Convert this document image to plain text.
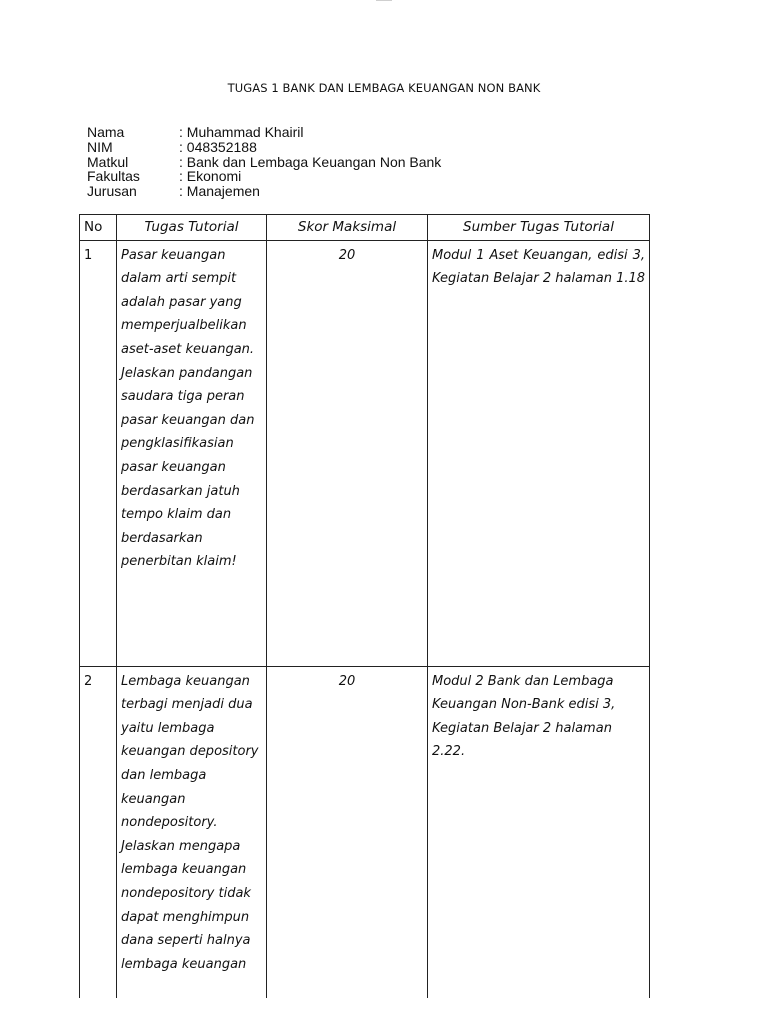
TUGAS 1 BANK DAN LEMBAGA KEUANGAN NON BANK
Nama	: Muhammad Khairil
NIM	: 048352188
Matkul	: Bank dan Lembaga Keuangan Non Bank
Fakultas	: Ekonomi
Jurusan	: Manajemen
No	Tugas Tutorial	Skor Maksimal	Sumber Tugas Tutorial
1	Pasar keuangan dalam arti sempit adalah pasar yang memperjualbelikan aset-aset keuangan. Jelaskan pandangan saudara tiga peran pasar keuangan dan pengklasifikasian pasar keuangan berdasarkan jatuh tempo klaim dan berdasarkan penerbitan klaim!	20	Modul 1 Aset Keuangan, edisi 3, Kegiatan Belajar 2 halaman 1.18
2	Lembaga keuangan terbagi menjadi dua yaitu lembaga keuangan depository dan lembaga keuangan nondepository. Jelaskan mengapa lembaga keuangan nondepository tidak dapat menghimpun dana seperti halnya lembaga keuangan	20	Modul 2 Bank dan Lembaga Keuangan Non-Bank edisi 3, Kegiatan Belajar 2 halaman 2.22.
